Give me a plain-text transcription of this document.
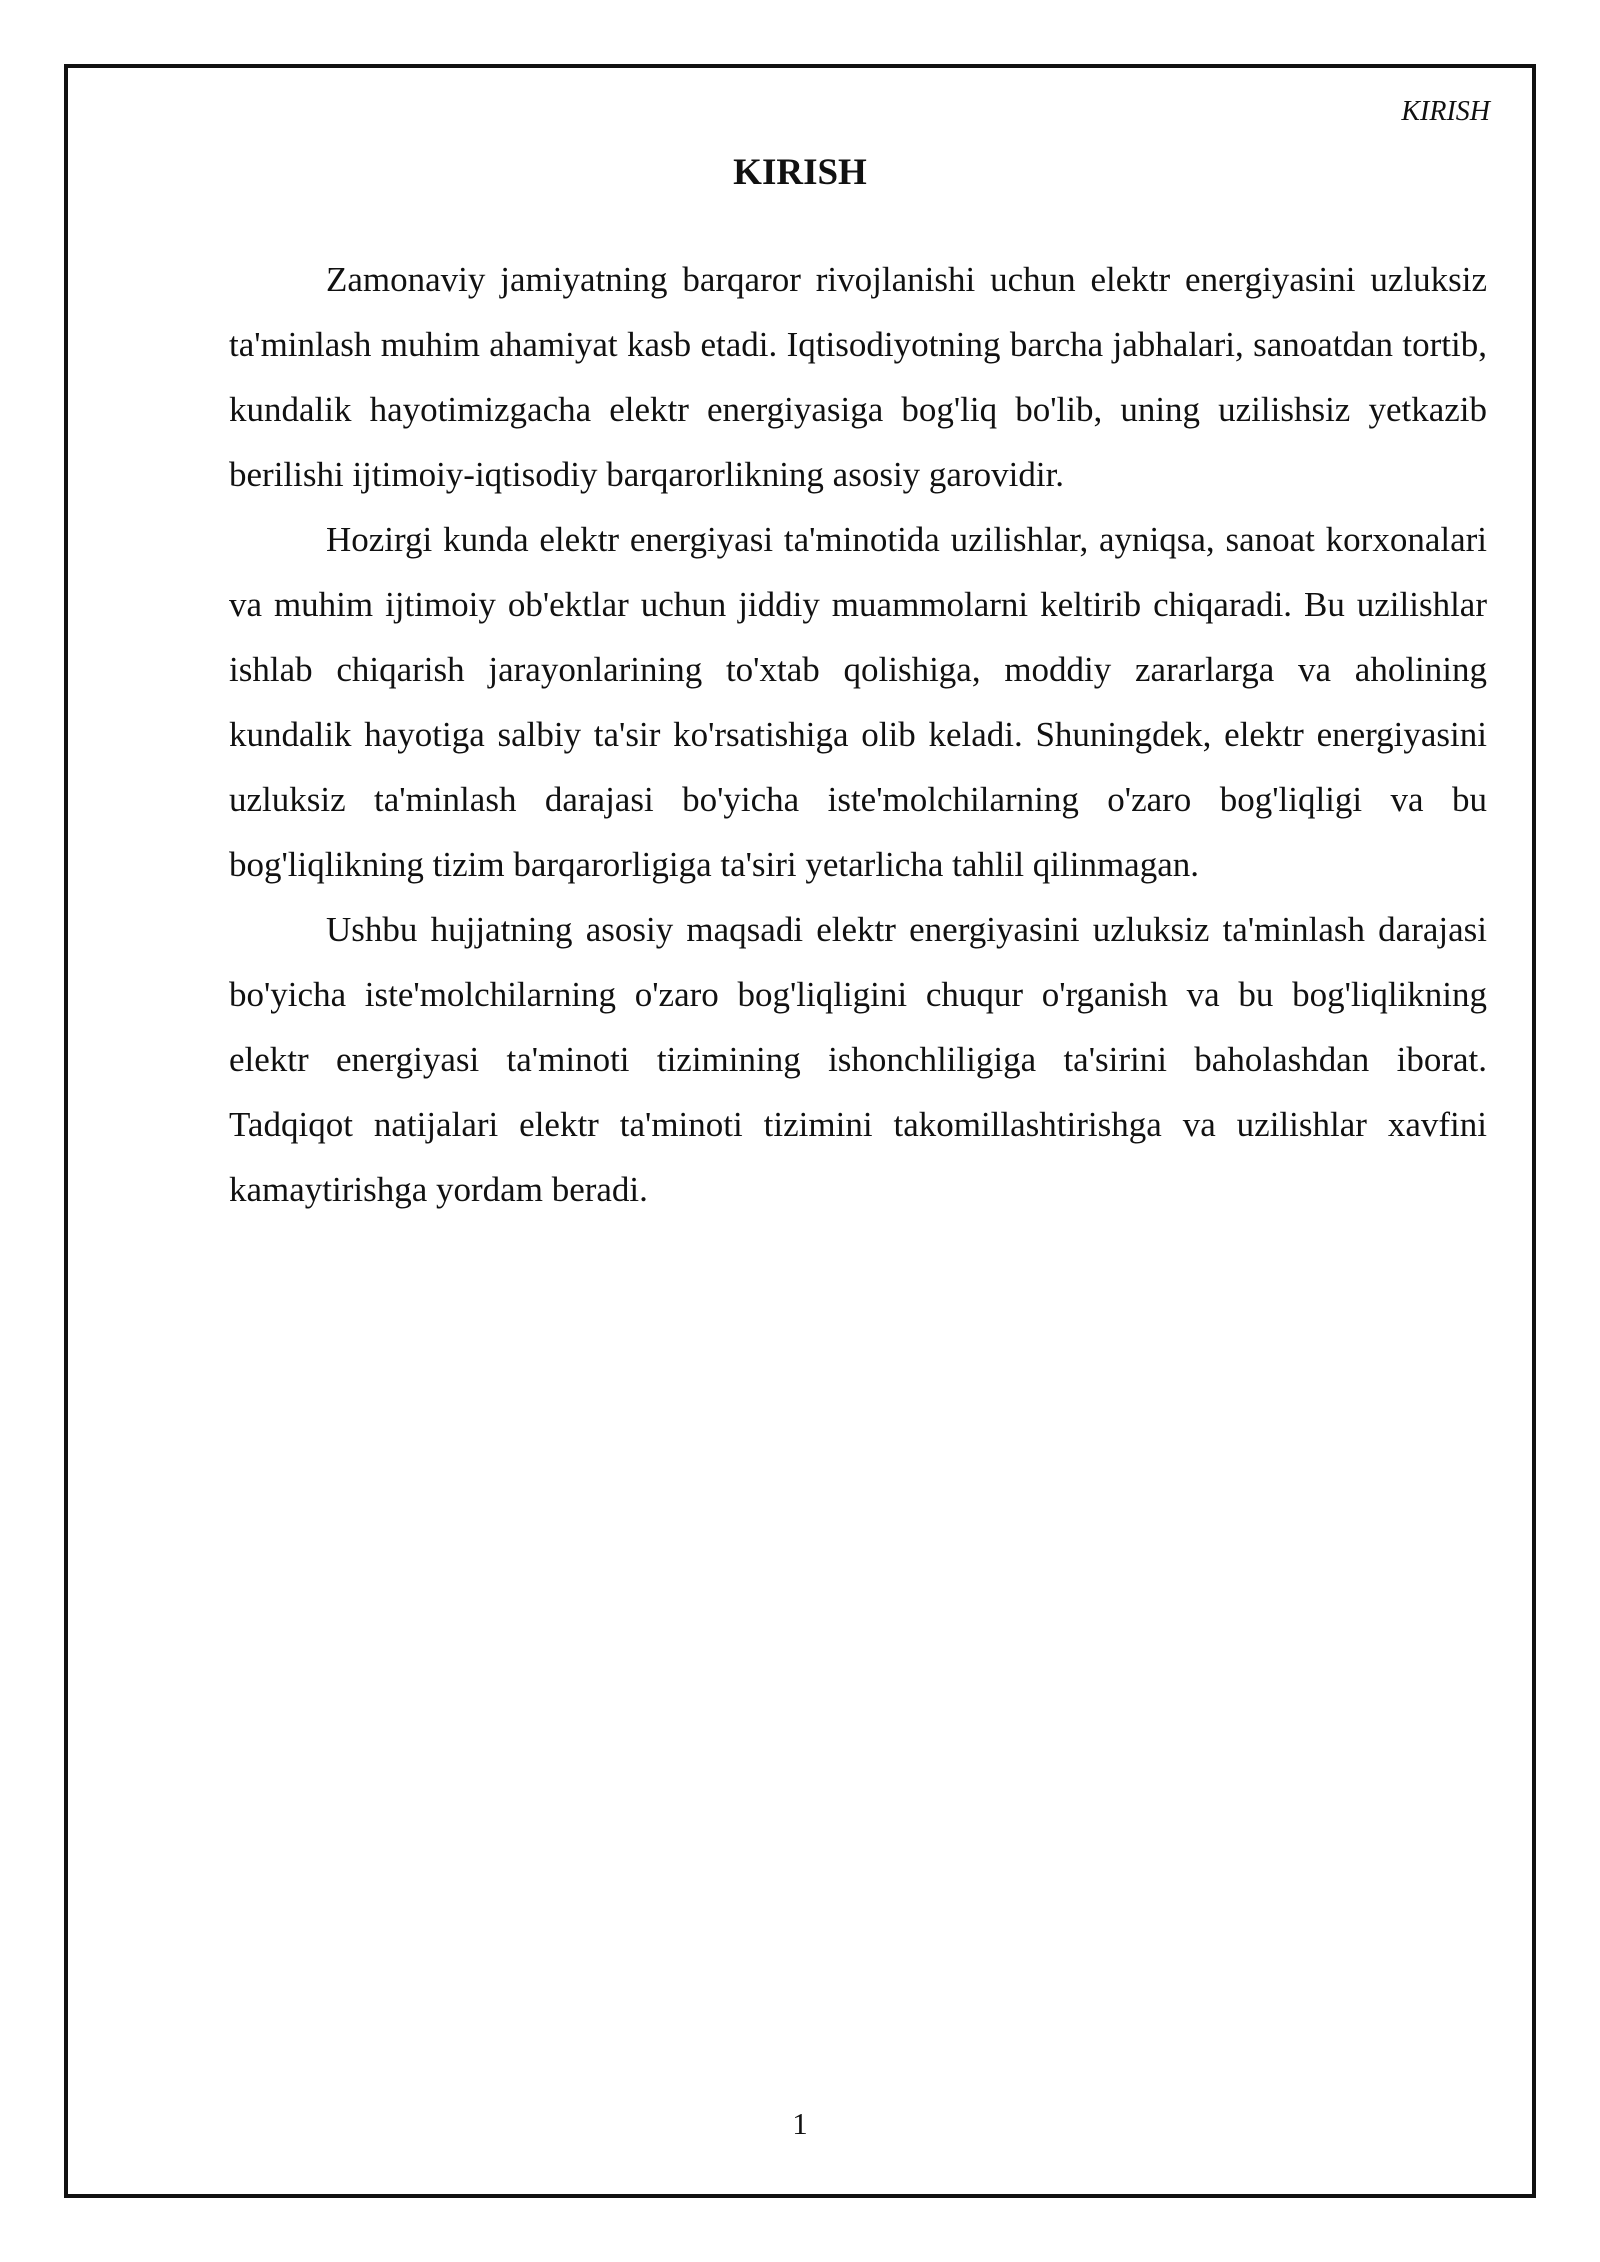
KIRISH
KIRISH

Zamonaviy jamiyatning barqaror rivojlanishi uchun elektr energiyasini uzluksiz ta'minlash muhim ahamiyat kasb etadi. Iqtisodiyotning barcha jabhalari, sanoatdan tortib, kundalik hayotimizgacha elektr energiyasiga bog'liq bo'lib, uning uzilishsiz yetkazib berilishi ijtimoiy-iqtisodiy barqarorlikning asosiy garovidir.

Hozirgi kunda elektr energiyasi ta'minotida uzilishlar, ayniqsa, sanoat korxonalari va muhim ijtimoiy ob'ektlar uchun jiddiy muammolarni keltirib chiqaradi. Bu uzilishlar ishlab chiqarish jarayonlarining to'xtab qolishiga, moddiy zararlarga va aholining kundalik hayotiga salbiy ta'sir ko'rsatishiga olib keladi. Shuningdek, elektr energiyasini uzluksiz ta'minlash darajasi bo'yicha iste'molchilarning o'zaro bog'liqligi va bu bog'liqlikning tizim barqarorligiga ta'siri yetarlicha tahlil qilinmagan.

Ushbu hujjatning asosiy maqsadi elektr energiyasini uzluksiz ta'minlash darajasi bo'yicha iste'molchilarning o'zaro bog'liqligini chuqur o'rganish va bu bog'liqlikning elektr energiyasi ta'minoti tizimining ishonchliligiga ta'sirini baholashdan iborat. Tadqiqot natijalari elektr ta'minoti tizimini takomillashtirishga va uzilishlar xavfini kamaytirishga yordam beradi.

1
